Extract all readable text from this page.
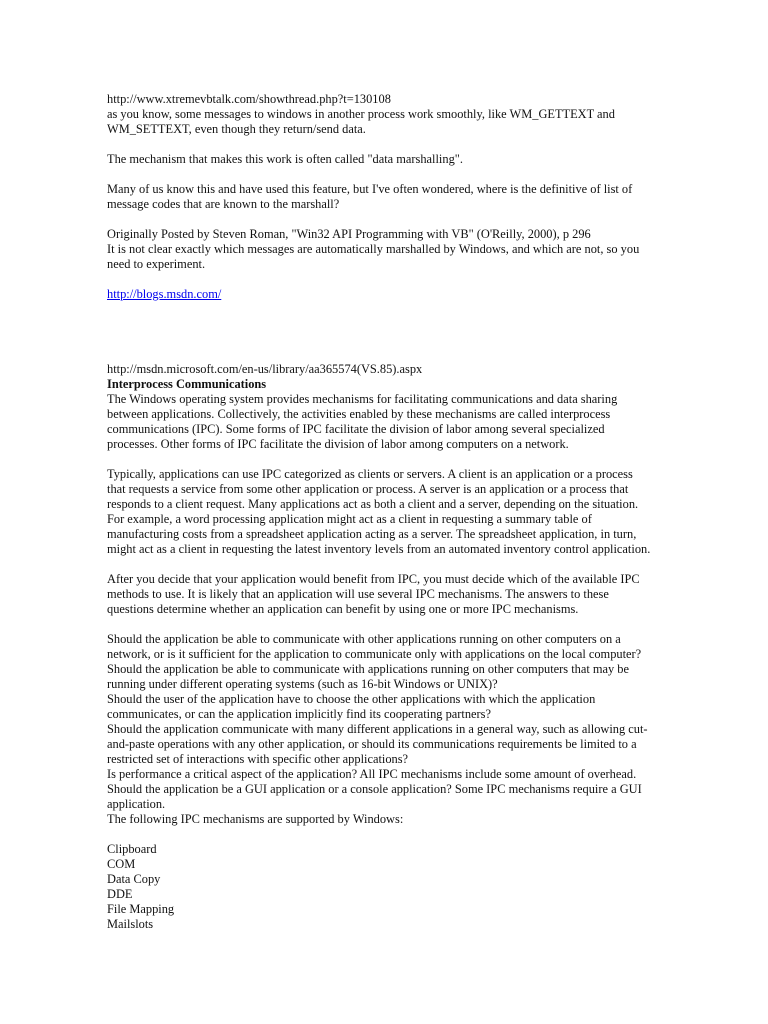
http://www.xtremevbtalk.com/showthread.php?t=130108
as you know, some messages to windows in another process work smoothly, like WM_GETTEXT and
WM_SETTEXT, even though they return/send data.
The mechanism that makes this work is often called "data marshalling".
Many of us know this and have used this feature, but I've often wondered, where is the definitive of list of
message codes that are known to the marshall?
Originally Posted by Steven Roman, "Win32 API Programming with VB" (O'Reilly, 2000), p 296
It is not clear exactly which messages are automatically marshalled by Windows, and which are not, so you
need to experiment.
http://blogs.msdn.com/
http://msdn.microsoft.com/en-us/library/aa365574(VS.85).aspx
Interprocess Communications
The Windows operating system provides mechanisms for facilitating communications and data sharing
between applications. Collectively, the activities enabled by these mechanisms are called interprocess
communications (IPC). Some forms of IPC facilitate the division of labor among several specialized
processes. Other forms of IPC facilitate the division of labor among computers on a network.
Typically, applications can use IPC categorized as clients or servers. A client is an application or a process
that requests a service from some other application or process. A server is an application or a process that
responds to a client request. Many applications act as both a client and a server, depending on the situation.
For example, a word processing application might act as a client in requesting a summary table of
manufacturing costs from a spreadsheet application acting as a server. The spreadsheet application, in turn,
might act as a client in requesting the latest inventory levels from an automated inventory control application.
After you decide that your application would benefit from IPC, you must decide which of the available IPC
methods to use. It is likely that an application will use several IPC mechanisms. The answers to these
questions determine whether an application can benefit by using one or more IPC mechanisms.
Should the application be able to communicate with other applications running on other computers on a
network, or is it sufficient for the application to communicate only with applications on the local computer?
Should the application be able to communicate with applications running on other computers that may be
running under different operating systems (such as 16-bit Windows or UNIX)?
Should the user of the application have to choose the other applications with which the application
communicates, or can the application implicitly find its cooperating partners?
Should the application communicate with many different applications in a general way, such as allowing cut-
and-paste operations with any other application, or should its communications requirements be limited to a
restricted set of interactions with specific other applications?
Is performance a critical aspect of the application? All IPC mechanisms include some amount of overhead.
Should the application be a GUI application or a console application? Some IPC mechanisms require a GUI
application.
The following IPC mechanisms are supported by Windows:
Clipboard
COM
Data Copy
DDE
File Mapping
Mailslots
